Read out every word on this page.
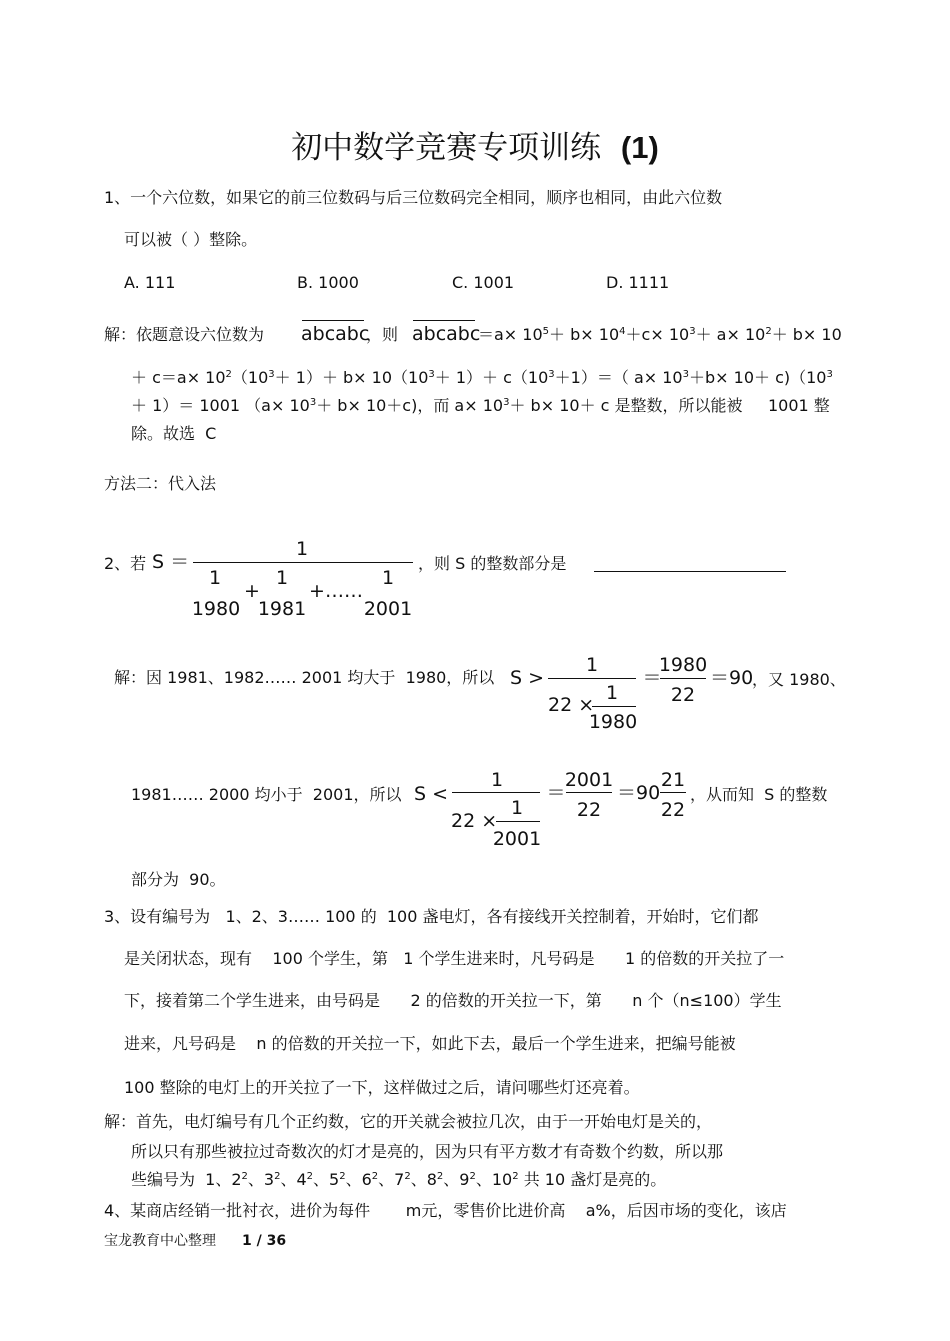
初中数学竞赛专项训练 (1)
1、一个六位数，如果它的前三位数码与后三位数码完全相同，顺序也相同，由此六位数
可以被（ ）整除。
A. 111	B. 1000	C. 1001	D. 1111
解：依题意设六位数为 abcabc
，则 abcabc
$=a\times 10^5+ b\times 10^4+c\times 10^3+ a\times 10^2+ b\times 10$
＋ $c=a\times 10^2(10^3+ 1)+ b\times 10(10^3+ 1)+ c(10^3+1)=$（ $a\times 10^3+b\times 10+ c)(10^3$
＋ 1）＝ 1001 $(a\times 10^3+ b\times 10+c)$，而 $a\times 10^3+ b\times 10+ c$ 是整数，所以能被     1001 整
除。故选  C
方法二：代入法
2、若 S ＝
1
1
1980
+
1
1981
+……
1
2001
，则 S 的整数部分是
解：因 1981、1982…… 2001 均大于  1980，所以 S >
1
22 ×
1
1980
＝
1980
22
＝90
，又 1980、
1981…… 2000 均小于  2001，所以 S <
1
22 ×
1
2001
＝
2001
22
＝90
21
22
，从而知  S 的整数
部分为  90。
3、设有编号为   1、2、3…… 100 的  100 盏电灯，各有接线开关控制着，开始时，它们都
是关闭状态，现有    100 个学生，第   1 个学生进来时，凡号码是      1 的倍数的开关拉了一
下，接着第二个学生进来，由号码是      2 的倍数的开关拉一下，第      n 个（n≤100）学生
进来，凡号码是    n 的倍数的开关拉一下，如此下去，最后一个学生进来，把编号能被
100 整除的电灯上的开关拉了一下，这样做过之后，请问哪些灯还亮着。
解：首先，电灯编号有几个正约数，它的开关就会被拉几次，由于一开始电灯是关的，
所以只有那些被拉过奇数次的灯才是亮的，因为只有平方数才有奇数个约数，所以那
些编号为  1、$2^2$、$3^2$、$4^2$、$5^2$、$6^2$、$7^2$、$8^2$、$9^2$、$10^2$ 共 10 盏灯是亮的。
4、某商店经销一批衬衣，进价为每件       m元，零售价比进价高    a%，后因市场的变化，该店
宝龙教育中心整理 1 / 36
